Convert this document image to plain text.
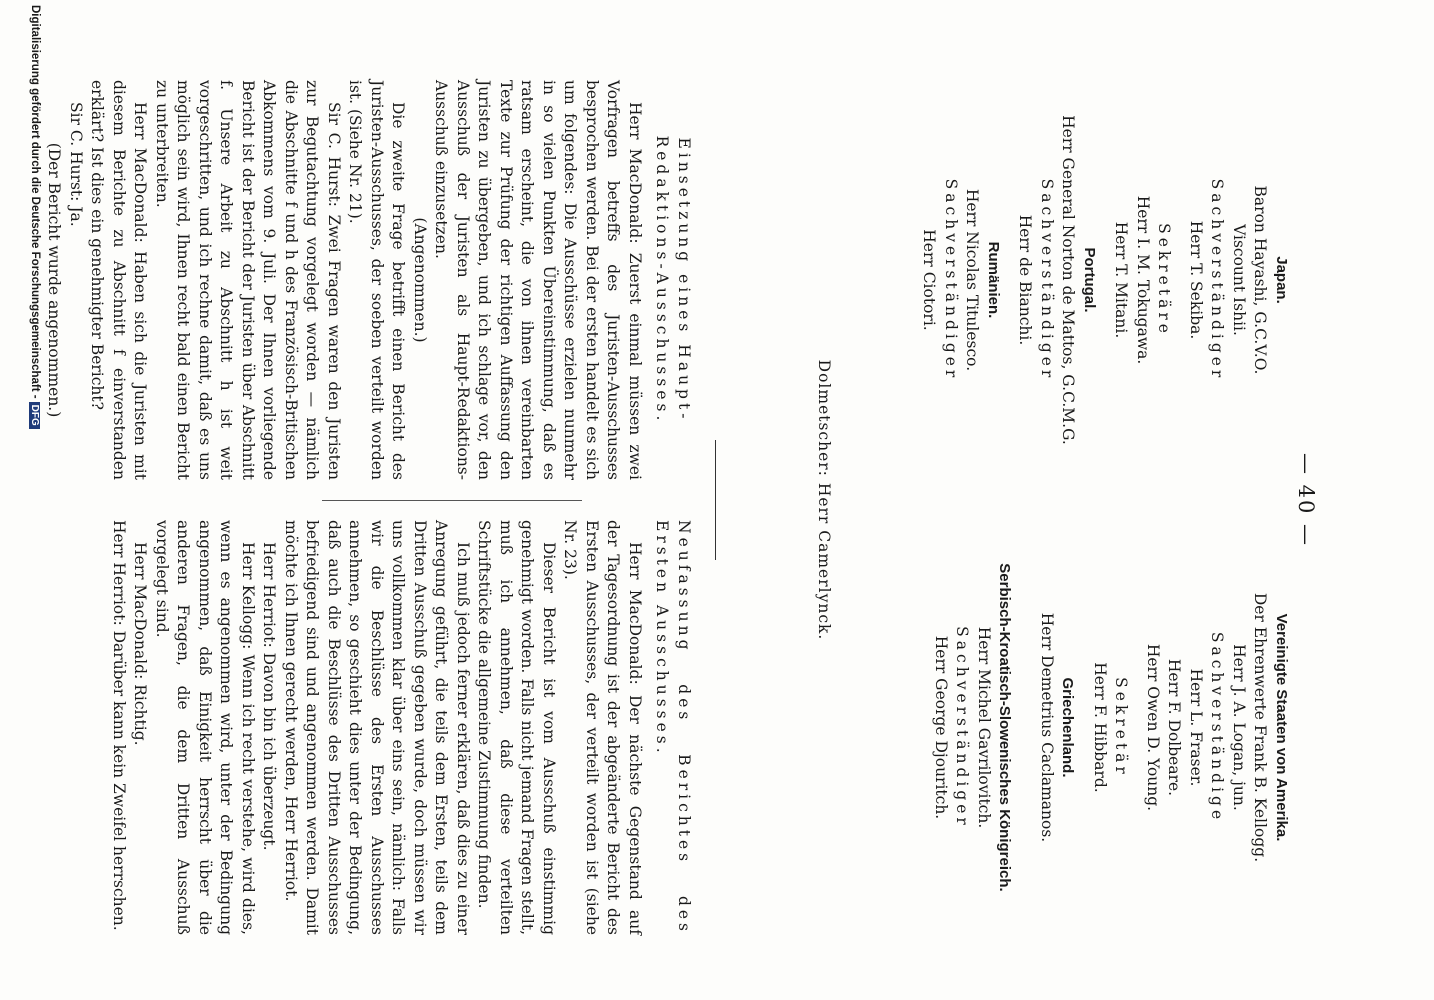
— 40 —
Japan.
Baron Hayashi, G.C.V.O.
Viscount Ishii.
Sachverständiger
Herr T. Sekiba.
Sekretäre
Herr I. M. Tokugawa.
Herr T. Mitani.
Portugal.
Herr General Norton de Mattos, G.C.M.G.
Sachverständiger
Herr de Bianchi.
Rumänien.
Herr Nicolas Titulesco.
Sachverständiger
Herr Ciotori.
Vereinigte Staaten von Amerika.
Der Ehrenwerte Frank B. Kellogg.
Herr J. A. Logan, jun.
Sachverständige
Herr L. Fraser.
Herr F. Dolbeare.
Herr Owen D. Young.
Sekretär
Herr F. Hibbard.
Griechenland.
Herr Demetrius Caclamanos.
Serbisch-Kroatisch-Slowenisches Königreich.
Herr Michel Gavrilovitch.
Sachverständiger
Herr George Djouritch.
Dolmetscher: Herr Camerlynck.
Einsetzung eines Haupt-Redaktions-Ausschusses.

Herr MacDonald: Zuerst einmal müssen zwei Vorfragen betreffs des Juristen-Ausschusses besprochen werden. Bei der ersten handelt es sich um folgendes: Die Ausschüsse erzielen nunmehr in so vielen Punkten Übereinstimmung, daß es ratsam erscheint, die von ihnen vereinbarten Texte zur Prüfung der richtigen Auffassung den Juristen zu übergeben, und ich schlage vor, den Ausschuß der Juristen als Haupt-Redaktions-Ausschuß einzusetzen.

(Angenommen.)

Die zweite Frage betrifft einen Bericht des Juristen-Ausschusses, der soeben verteilt worden ist. (Siehe Nr. 21).

Sir C. Hurst: Zwei Fragen waren den Juristen zur Begutachtung vorgelegt worden — nämlich die Abschnitte f und h des Französisch-Britischen Abkommens vom 9. Juli. Der Ihnen vorliegende Bericht ist der Bericht der Juristen über Abschnitt f. Unsere Arbeit zu Abschnitt h ist weit vorgeschritten, und ich rechne damit, daß es uns möglich sein wird, Ihnen recht bald einen Bericht zu unterbreiten.

Herr MacDonald: Haben sich die Juristen mit diesem Berichte zu Abschnitt f einverstanden erklärt? Ist dies ein genehmigter Bericht?

Sir C. Hurst: Ja.

(Der Bericht wurde angenommen.)

Neufassung des Berichtes des
Ersten Ausschusses.

Herr MacDonald: Der nächste Gegenstand auf der Tagesordnung ist der abgeänderte Bericht des Ersten Ausschusses, der verteilt worden ist (siehe Nr. 23).

Dieser Bericht ist vom Ausschuß einstimmig genehmigt worden. Falls nicht jemand Fragen stellt, muß ich annehmen, daß diese verteilten Schriftstücke die allgemeine Zustimmung finden.

Ich muß jedoch ferner erklären, daß dies zu einer Anregung geführt, die teils dem Ersten, teils dem Dritten Ausschuß gegeben wurde, doch müssen wir uns vollkommen klar über eins sein, nämlich: Falls wir die Beschlüsse des Ersten Ausschusses annehmen, so geschieht dies unter der Bedingung, daß auch die Beschlüsse des Dritten Ausschusses befriedigend sind und angenommen werden. Damit möchte ich Ihnen gerecht werden, Herr Herriot.

Herr Herriot: Davon bin ich überzeugt.

Herr Kellogg: Wenn ich recht verstehe, wird dies, wenn es angenommen wird, unter der Bedingung angenommen, daß Einigkeit herrscht über die anderen Fragen, die dem Dritten Ausschuß vorgelegt sind.

Herr MacDonald: Richtig.

Herr Herriot: Darüber kann kein Zweifel herrschen.

Digitalisierung gefördert durch die Deutsche Forschungsgemeinschaft -DFG
